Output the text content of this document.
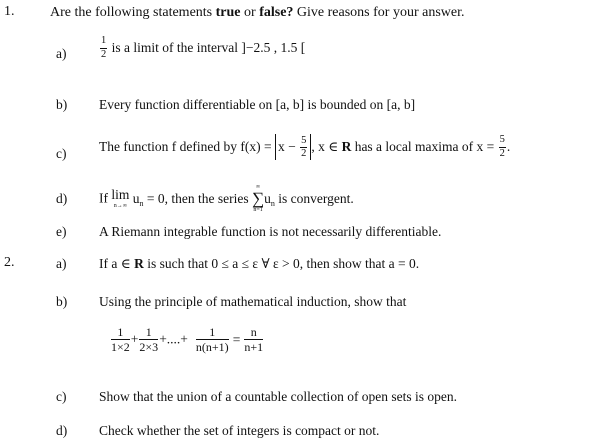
1.	Are the following statements true or false? Give reasons for your answer.
a)	$\frac{1}{2}$ is a limit of the interval ]−2.5 , 1.5 [
b) Every function differentiable on [a, b] is bounded on [a, b]
c) The function f defined by $f(x) = x - \frac{5}{2}$ , x ∈ R has a local maxima of $x = \frac{5}{2}$ .
d) If lim
n→∞
$u_n = 0$, then the series
∞
∑
n=1
$u_n$ is convergent.
e) A Riemann integrable function is not necessarily differentiable.
2.	a) If a ∈ R is such that 0 ≤ a ≤ ε ∀ ε > 0, then show that a = 0.
b) Using the principle of mathematical induction, show that
$\frac{1}{1\times 2} + \frac{1}{2\times 3}$ +....+ $\frac{1}{n(n+1)} = \frac{n}{n+1}$
c) Show that the union of a countable collection of open sets is open.
d) Check whether the set of integers is compact or not.
